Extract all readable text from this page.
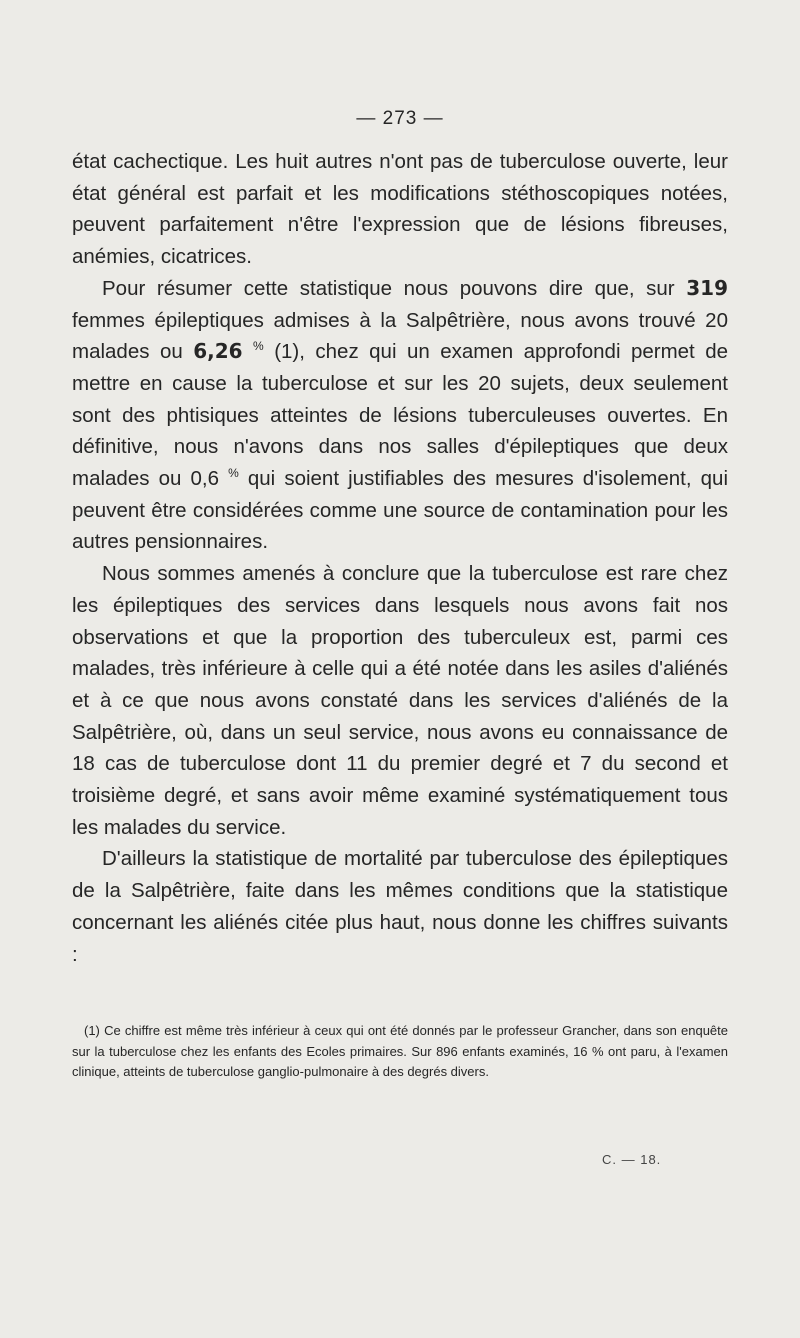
— 273 —

état cachectique. Les huit autres n'ont pas de tuberculose ouverte, leur état général est parfait et les modifications stéthoscopiques notées, peuvent parfaitement n'être l'expression que de lésions fibreuses, anémies, cicatrices.

Pour résumer cette statistique nous pouvons dire que, sur 319 femmes épileptiques admises à la Salpêtrière, nous avons trouvé 20 malades ou 6,26 % (1), chez qui un examen approfondi permet de mettre en cause la tuberculose et sur les 20 sujets, deux seulement sont des phtisiques atteintes de lésions tuberculeuses ouvertes. En définitive, nous n'avons dans nos salles d'épileptiques que deux malades ou 0,6 % qui soient justifiables des mesures d'isolement, qui peuvent être considérées comme une source de contamination pour les autres pensionnaires.

Nous sommes amenés à conclure que la tuberculose est rare chez les épileptiques des services dans lesquels nous avons fait nos observations et que la proportion des tuberculeux est, parmi ces malades, très inférieure à celle qui a été notée dans les asiles d'aliénés et à ce que nous avons constaté dans les services d'aliénés de la Salpêtrière, où, dans un seul service, nous avons eu connaissance de 18 cas de tuberculose dont 11 du premier degré et 7 du second et troisième degré, et sans avoir même examiné systématiquement tous les malades du service.

D'ailleurs la statistique de mortalité par tuberculose des épileptiques de la Salpêtrière, faite dans les mêmes conditions que la statistique concernant les aliénés citée plus haut, nous donne les chiffres suivants :

(1) Ce chiffre est même très inférieur à ceux qui ont été donnés par le professeur Grancher, dans son enquête sur la tuberculose chez les enfants des Ecoles primaires. Sur 896 enfants examinés, 16 % ont paru, à l'examen clinique, atteints de tuberculose ganglio-pulmonaire à des degrés divers.

C. — 18.
